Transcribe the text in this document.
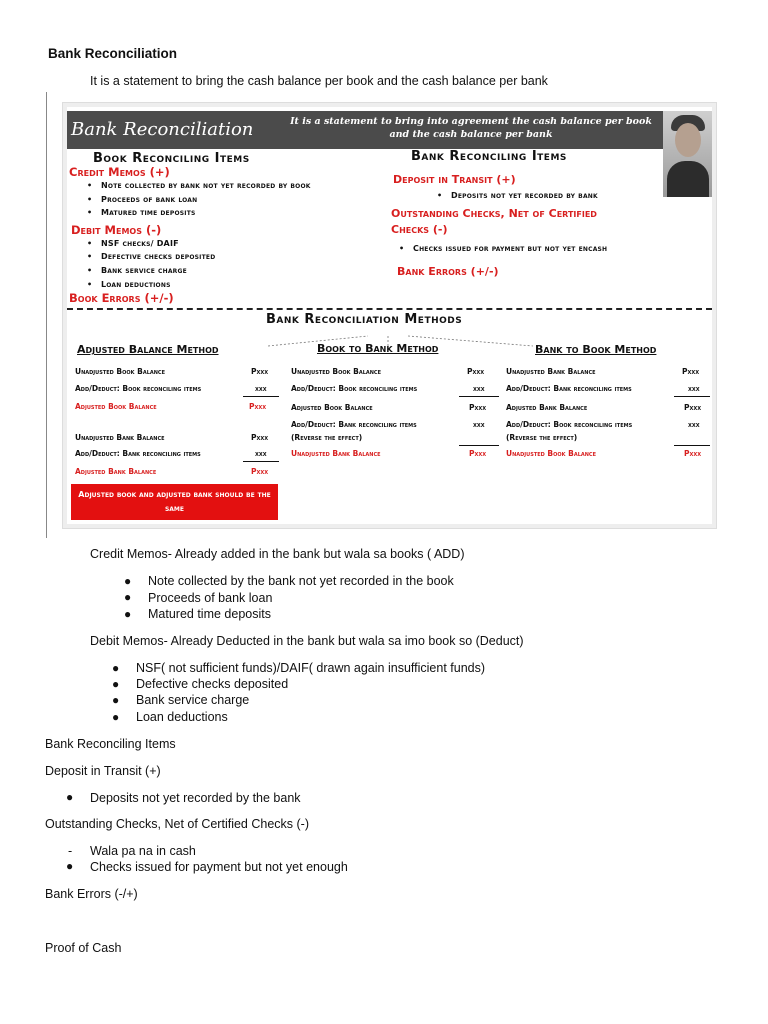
Bank Reconciliation
It is a statement to bring the cash balance per book and the cash balance per bank
Bank Reconciliation	It is a statement to bring into agreement the cash balance per book and the cash balance per bank
Book Reconciling Items
Credit Memos (+)
• Note collected by bank not yet recorded by book
• Proceeds of bank loan
• Matured time deposits
Debit Memos (-)
• NSF checks/ DAIF
• Defective checks deposited
• Bank service charge
• Loan deductions
Book Errors (+/-)
Bank Reconciling Items
Deposit in Transit (+)
• Deposits not yet recorded by bank
Outstanding Checks, Net of Certified
Checks (-)
• Checks issued for payment but not yet encash
Bank Errors (+/-)
Bank Reconciliation Methods
Adjusted Balance Method	Book to Bank Method	Bank to Book Method
Unadjusted Book Balance	Pxxx
Add/Deduct: Book reconciling items	xxx
Adjusted Book Balance	Pxxx
Unadjusted Bank Balance	Pxxx
Add/Deduct: Bank reconciling items	xxx
Adjusted Bank Balance	Pxxx
Adjusted book and adjusted bank should be the same
Unadjusted Book Balance	Pxxx
Add/Deduct: Book reconciling items	xxx
Adjusted Book Balance	Pxxx
Add/Deduct: Bank reconciling items	xxx
(Reverse the effect)
Unadjusted Bank Balance	Pxxx
Unadjusted Bank Balance	Pxxx
Add/Deduct: Bank reconciling items	xxx
Adjusted Bank Balance	Pxxx
Add/Deduct: Book reconciling items	xxx
(Reverse the effect)
Unadjusted Book Balance	Pxxx
Credit Memos- Already added in the bank but wala sa books ( ADD)
● Note collected by the bank not yet recorded in the book
● Proceeds of bank loan
● Matured time deposits
Debit Memos- Already Deducted in the bank but wala sa imo book so (Deduct)
● NSF( not sufficient funds)/DAIF( drawn again insufficient funds)
● Defective checks deposited
● Bank service charge
● Loan deductions
Bank Reconciling Items
Deposit in Transit (+)
● Deposits not yet recorded by the bank
Outstanding Checks, Net of Certified Checks (-)
- Wala pa na in cash
● Checks issued for payment but not yet enough
Bank Errors (-/+)
Proof of Cash
